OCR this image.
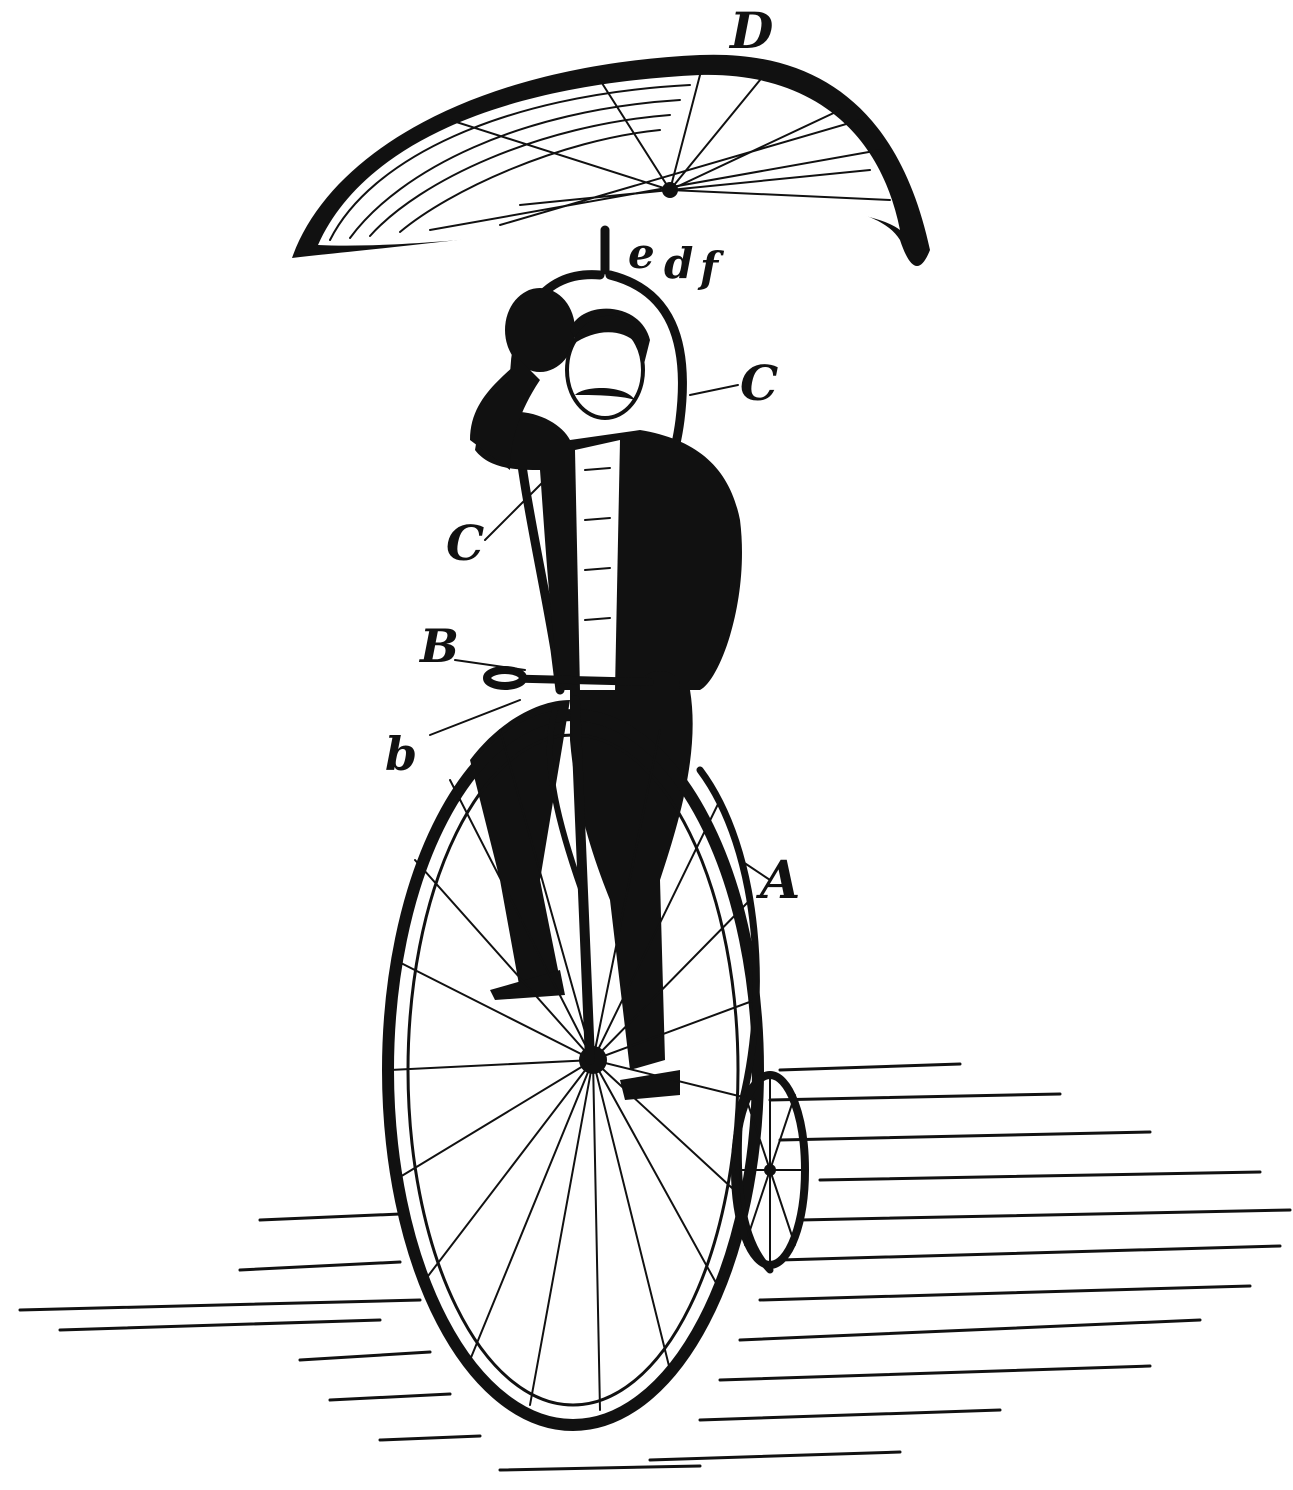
D
e d f
C
C
B
b
A
